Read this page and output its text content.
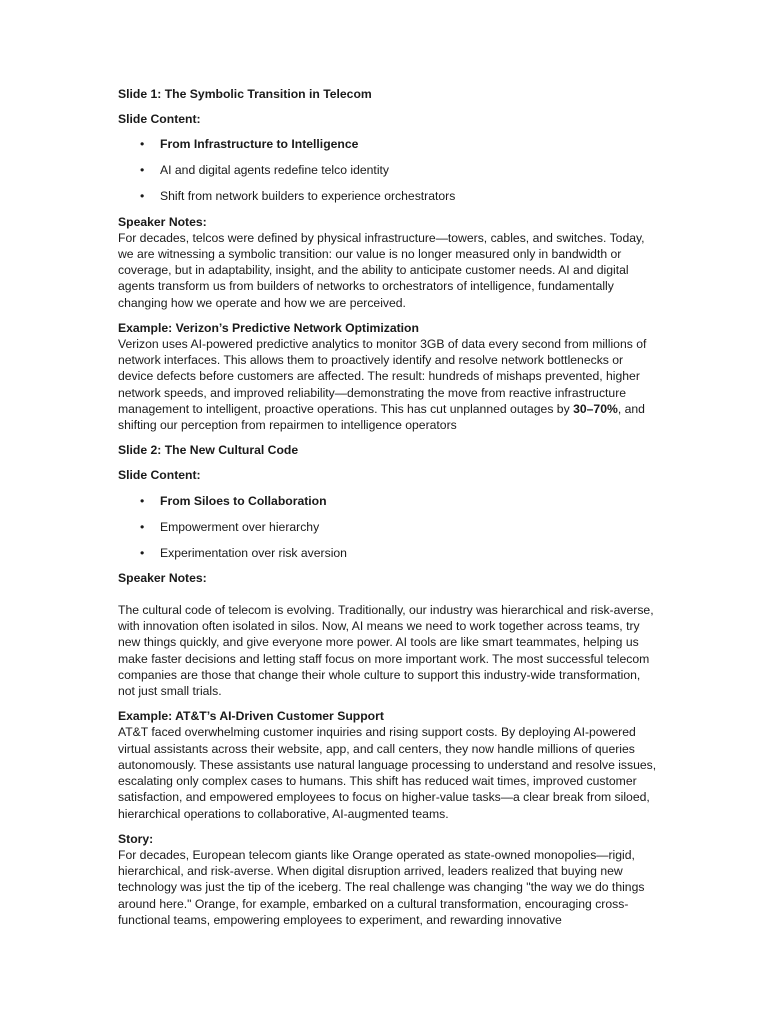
Slide 1: The Symbolic Transition in Telecom

Slide Content:

• From Infrastructure to Intelligence
• AI and digital agents redefine telco identity
• Shift from network builders to experience orchestrators

Speaker Notes:

For decades, telcos were defined by physical infrastructure—towers, cables, and switches. Today, we are witnessing a symbolic transition: our value is no longer measured only in bandwidth or coverage, but in adaptability, insight, and the ability to anticipate customer needs. AI and digital agents transform us from builders of networks to orchestrators of intelligence, fundamentally changing how we operate and how we are perceived.

Example: Verizon’s Predictive Network Optimization

Verizon uses AI-powered predictive analytics to monitor 3GB of data every second from millions of network interfaces. This allows them to proactively identify and resolve network bottlenecks or device defects before customers are affected. The result: hundreds of mishaps prevented, higher network speeds, and improved reliability—demonstrating the move from reactive infrastructure management to intelligent, proactive operations. This has cut unplanned outages by 30–70%, and shifting our perception from repairmen to intelligence operators

Slide 2: The New Cultural Code

Slide Content:

• From Siloes to Collaboration
• Empowerment over hierarchy
• Experimentation over risk aversion

Speaker Notes:

The cultural code of telecom is evolving. Traditionally, our industry was hierarchical and risk-averse, with innovation often isolated in silos. Now, AI means we need to work together across teams, try new things quickly, and give everyone more power. AI tools are like smart teammates, helping us make faster decisions and letting staff focus on more important work. The most successful telecom companies are those that change their whole culture to support this industry-wide transformation, not just small trials.

Example: AT&T’s AI-Driven Customer Support

AT&T faced overwhelming customer inquiries and rising support costs. By deploying AI-powered virtual assistants across their website, app, and call centers, they now handle millions of queries autonomously. These assistants use natural language processing to understand and resolve issues, escalating only complex cases to humans. This shift has reduced wait times, improved customer satisfaction, and empowered employees to focus on higher-value tasks—a clear break from siloed, hierarchical operations to collaborative, AI-augmented teams.

Story:

For decades, European telecom giants like Orange operated as state-owned monopolies—rigid, hierarchical, and risk-averse. When digital disruption arrived, leaders realized that buying new technology was just the tip of the iceberg. The real challenge was changing "the way we do things around here." Orange, for example, embarked on a cultural transformation, encouraging cross-functional teams, empowering employees to experiment, and rewarding innovative
